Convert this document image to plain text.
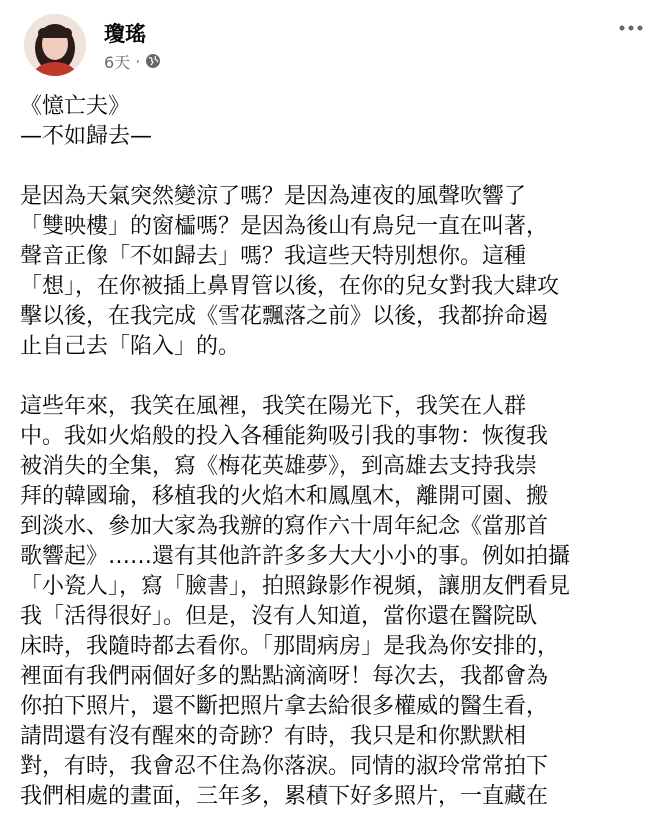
瓊瑤
6天 ·

《憶亡夫》

—不如歸去—

是因為天氣突然變涼了嗎？是因為連夜的風聲吹響了

「雙映樓」的窗櫺嗎？是因為後山有鳥兒一直在叫著，

聲音正像「不如歸去」嗎？我這些天特別想你。這種

「想」，在你被插上鼻胃管以後，在你的兒女對我大肆攻

擊以後，在我完成《雪花飄落之前》以後，我都拚命遏

止自己去「陷入」的。

這些年來，我笑在風裡，我笑在陽光下，我笑在人群

中。我如火焰般的投入各種能夠吸引我的事物：恢復我

被消失的全集，寫《梅花英雄夢》，到高雄去支持我崇

拜的韓國瑜，移植我的火焰木和鳳凰木，離開可園、搬

到淡水、參加大家為我辦的寫作六十周年紀念《當那首

歌響起》……還有其他許許多多大大小小的事。例如拍攝

「小瓷人」，寫「臉書」，拍照錄影作視頻，讓朋友們看見

我「活得很好」。但是，沒有人知道，當你還在醫院臥

床時，我隨時都去看你。「那間病房」是我為你安排的，

裡面有我們兩個好多的點點滴滴呀！每次去，我都會為

你拍下照片，還不斷把照片拿去給很多權威的醫生看，

請問還有沒有醒來的奇跡？有時，我只是和你默默相

對，有時，我會忍不住為你落淚。同情的淑玲常常拍下

我們相處的畫面，三年多，累積下好多照片，一直藏在
